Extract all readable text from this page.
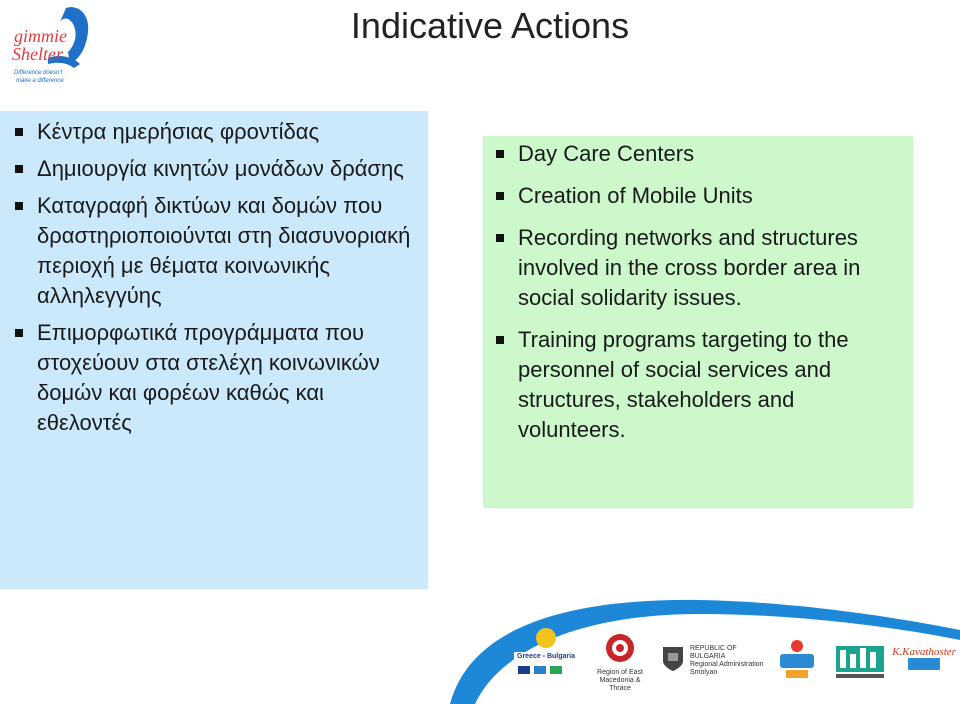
gimmie
Shelter
Difference doesn't
make a difference
Indicative Actions
Κέντρα ημερήσιας φροντίδας
Δημιουργία κινητών μονάδων δράσης
Καταγραφή δικτύων και δομών που δραστηριοποιούνται στη διασυνοριακή περιοχή με θέματα κοινωνικής αλληλεγγύης
Επιμορφωτικά προγράμματα που στοχεύουν στα στελέχη κοινωνικών δομών και φορέων καθώς και εθελοντές
Day Care Centers
Creation of Mobile Units
Recording networks and structures involved in the cross border area in social solidarity issues.
Training programs targeting to the personnel of social services and structures, stakeholders and volunteers.
Greece - Bulgaria
Region of East Macedonia & Thrace
REPUBLIC OF BULGARIA
Regional Administration
Smolyan
K.Kavathoster
